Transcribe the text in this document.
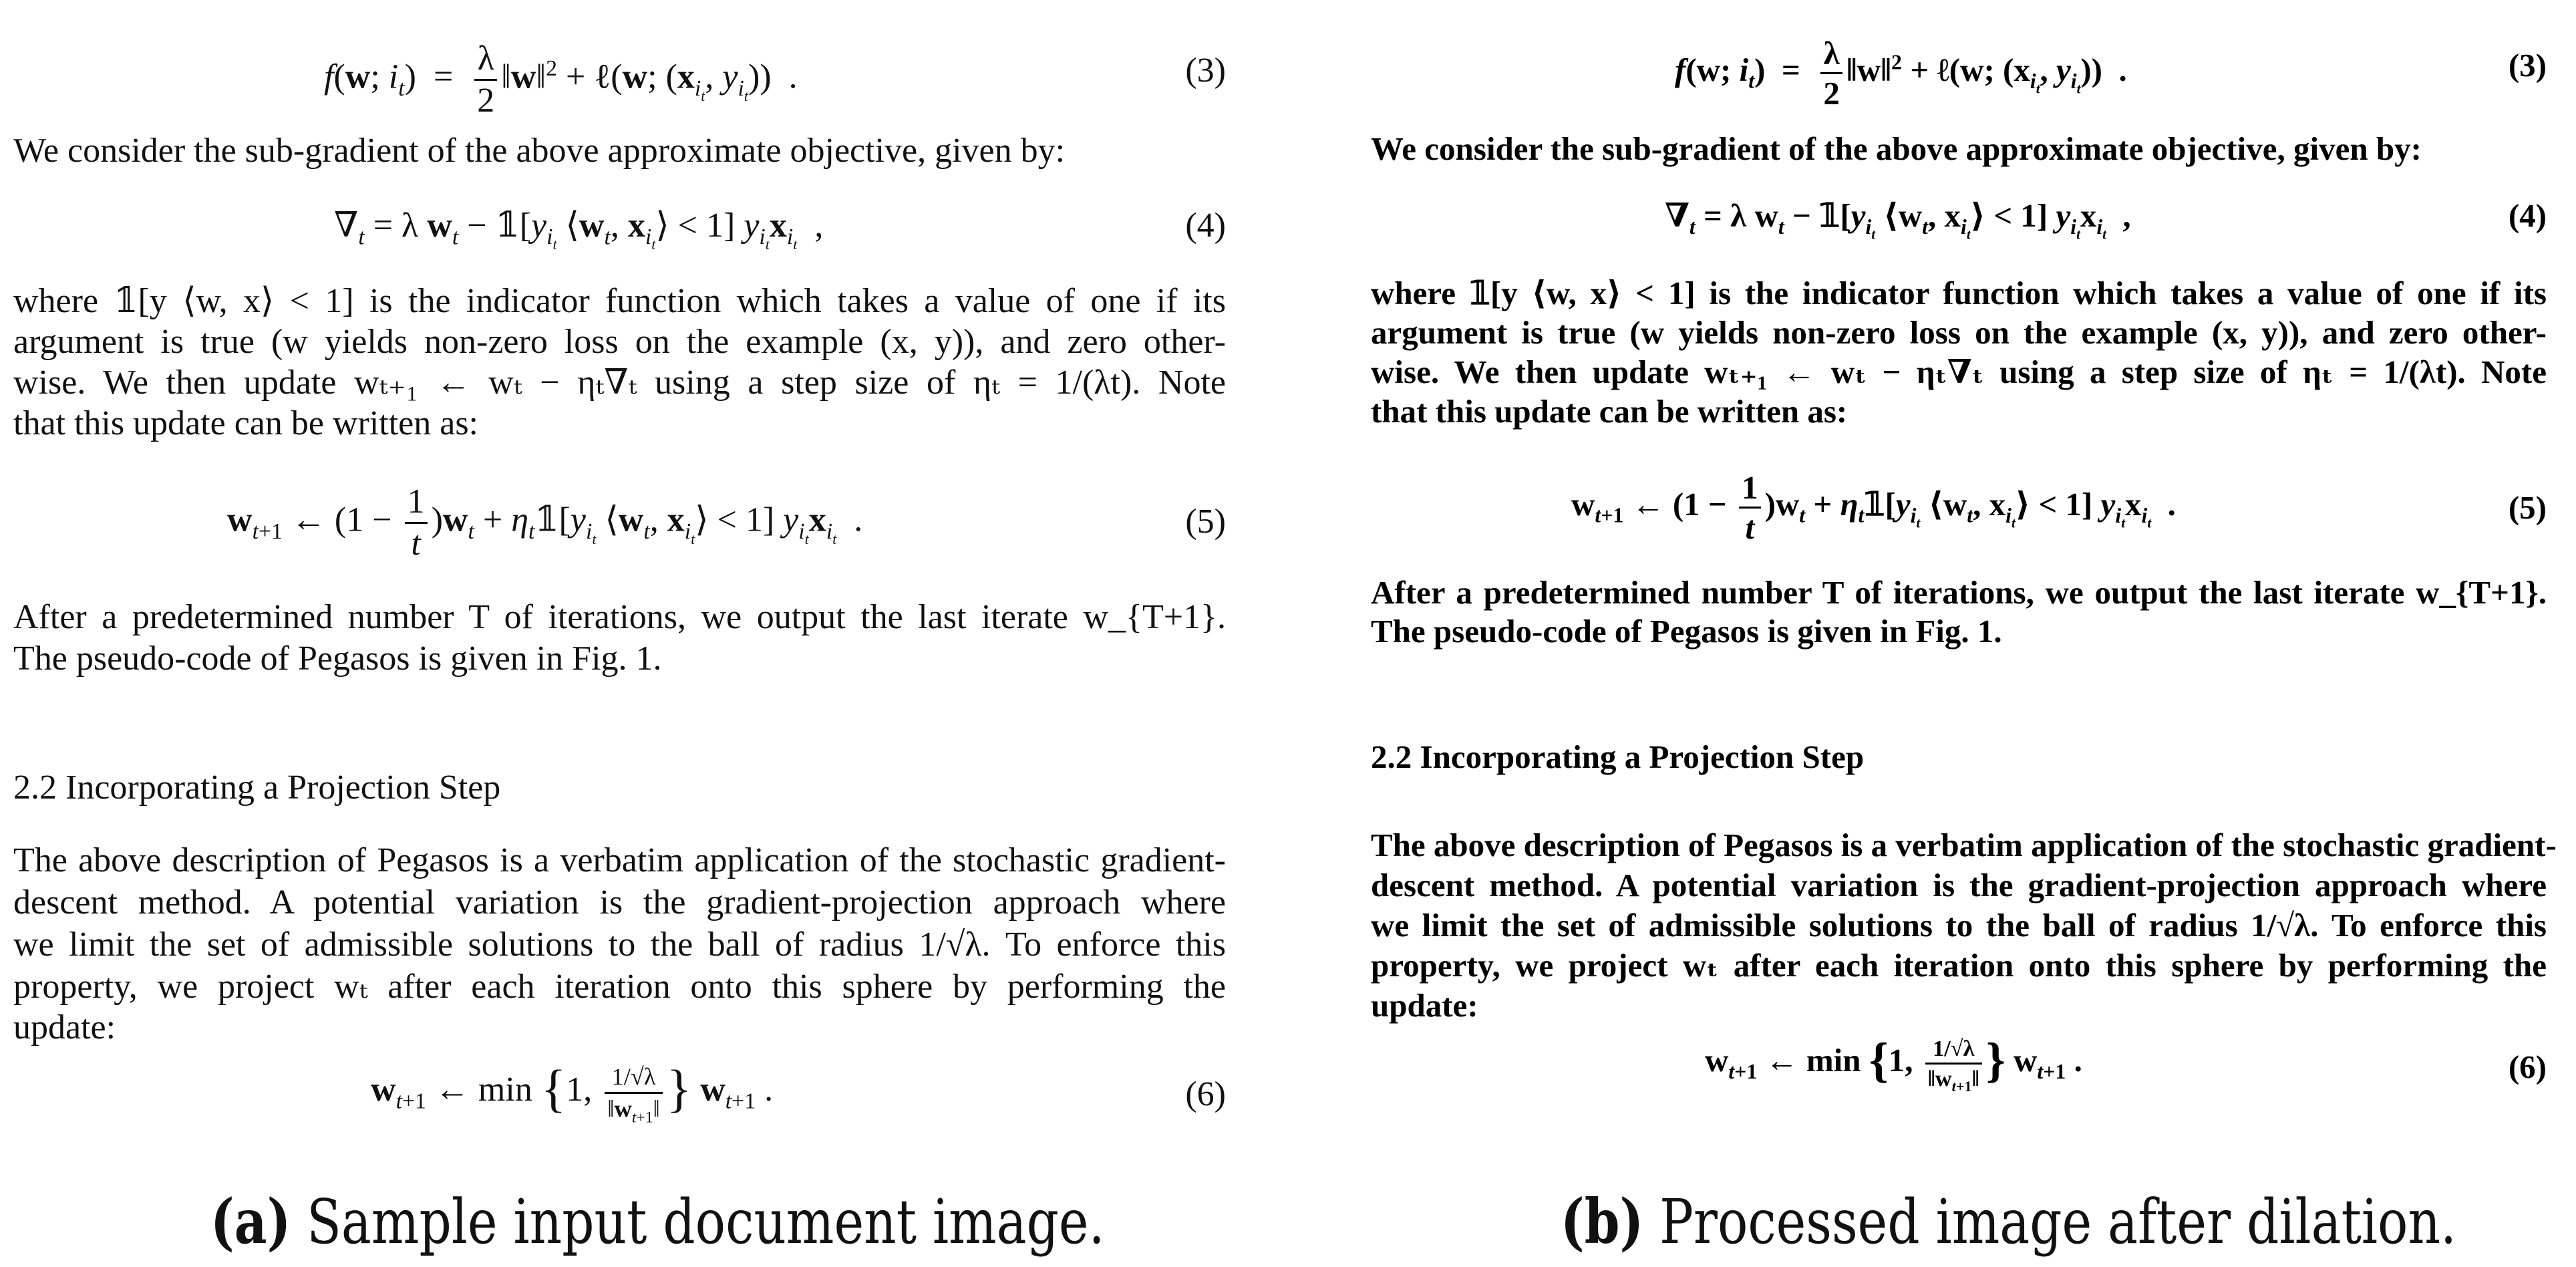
f(w; $i_t) = \frac{\lambda}{2}$ ‖w‖$^2$ + ℓ(w; ($x_{i_t}$, $y_{i_t}$))  .	(3)
We consider the sub-gradient of the above approximate objective, given by:
$\nabla_t = \lambda$ $w_t$ − $𝟙[y_{i_t}$ $⟨w_t$, $x_{i_t}⟩ < 1$] $y_{i_t}x_{i_t}$  ,	(4)
where 𝟙[y ⟨w, x⟩ < 1] is the indicator function which takes a value of one if its
argument is true (w yields non-zero loss on the example (x, y)), and zero other-
wise. We then update wₜ₊₁ ← wₜ − ηₜ∇ₜ using a step size of ηₜ = 1/(λt). Note
that this update can be written as:
$w_{t+1}$ ← $(1 - \frac{1}{t} )w_t$ + $\eta_t𝟙[y_{i_t}$ $⟨w_t$, $x_{i_t}⟩ < 1$] $y_{i_t}x_{i_t}$  .	(5)
After a predetermined number T of iterations, we output the last iterate w_{T+1}.
The pseudo-code of Pegasos is given in Fig. 1.
2.2 Incorporating a Projection Step
The above description of Pegasos is a verbatim application of the stochastic gradient-
descent method. A potential variation is the gradient-projection approach where
we limit the set of admissible solutions to the ball of radius 1/√λ. To enforce this
property, we project wₜ after each iteration onto this sphere by performing the
update:
$w_{t+1}$ ← min {1, $\frac{1/√\lambda}{‖w_{t+1}‖}$ } $w_{t+1}$ .	(6)
(a) Sample input document image.
f(w; $i_t) = \frac{\lambda}{2}$ ‖w‖$^2$ + ℓ(w; ($x_{i_t}$, $y_{i_t}$))  .	(3)
We consider the sub-gradient of the above approximate objective, given by:
$\nabla_t = \lambda$ $w_t$ − $𝟙[y_{i_t}$ $⟨w_t$, $x_{i_t}⟩ < 1$] $y_{i_t}x_{i_t}$  ,	(4)
where 𝟙[y ⟨w, x⟩ < 1] is the indicator function which takes a value of one if its
argument is true (w yields non-zero loss on the example (x, y)), and zero other-
wise. We then update wₜ₊₁ ← wₜ − ηₜ∇ₜ using a step size of ηₜ = 1/(λt). Note
that this update can be written as:
$w_{t+1}$ ← $(1 - \frac{1}{t} )w_t$ + $\eta_t𝟙[y_{i_t}$ $⟨w_t$, $x_{i_t}⟩ < 1$] $y_{i_t}x_{i_t}$  .	(5)
After a predetermined number T of iterations, we output the last iterate w_{T+1}.
The pseudo-code of Pegasos is given in Fig. 1.
2.2 Incorporating a Projection Step
The above description of Pegasos is a verbatim application of the stochastic gradient-
descent method. A potential variation is the gradient-projection approach where
we limit the set of admissible solutions to the ball of radius 1/√λ. To enforce this
property, we project wₜ after each iteration onto this sphere by performing the
update:
$w_{t+1}$ ← min {1, $\frac{1/√\lambda}{‖w_{t+1}‖}$ } $w_{t+1}$ .	(6)
(b) Processed image after dilation.
